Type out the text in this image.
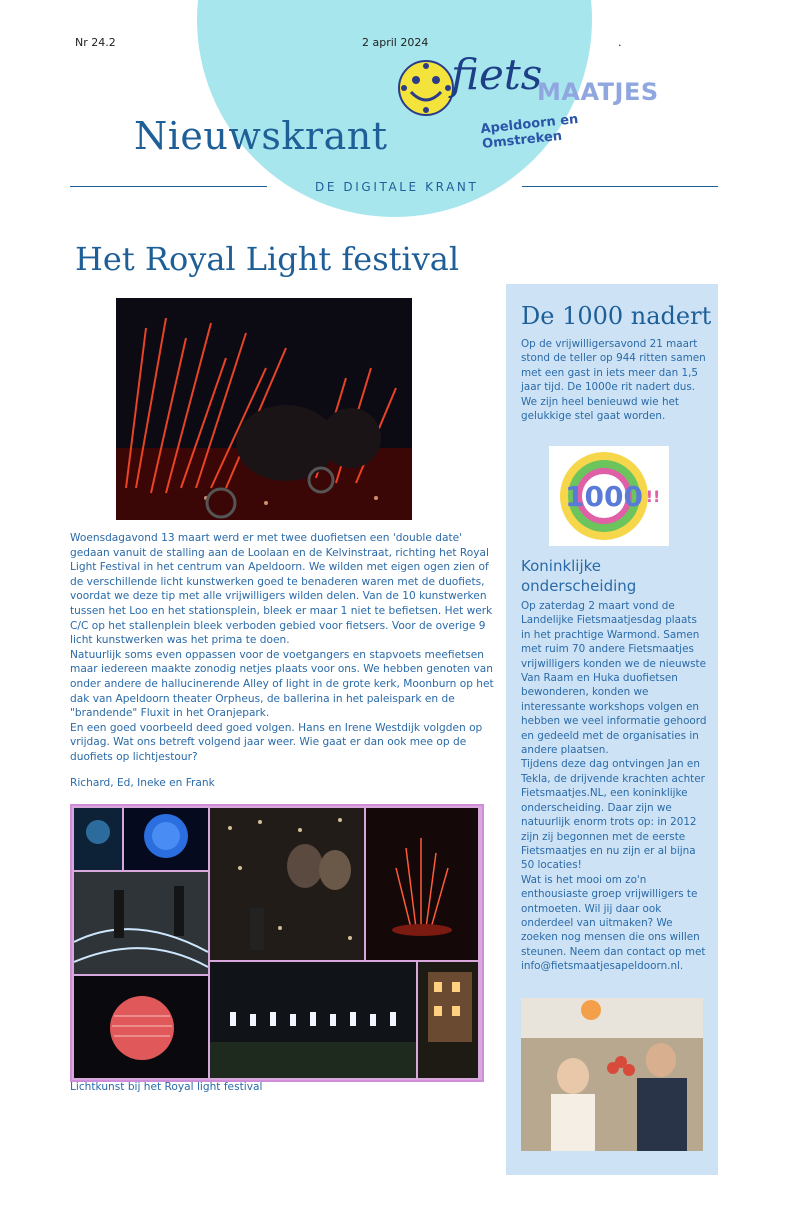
Nr 24.2	2 april 2024	.
fiets
MAATJES
Apeldoorn en Omstreken
Nieuwskrant
DE DIGITALE KRANT
Het Royal Light festival

Woensdagavond 13 maart werd er met twee duofietsen een 'double date' gedaan vanuit de stalling aan de Loolaan en de Kelvinstraat, richting het Royal Light Festival in het centrum van Apeldoorn. We wilden met eigen ogen zien of de verschillende licht kunstwerken goed te benaderen waren met de duofiets, voordat we deze tip met alle vrijwilligers wilden delen. Van de 10 kunstwerken tussen het Loo en het stationsplein, bleek er maar 1 niet te befietsen. Het werk C/C op het stallenplein bleek verboden gebied voor fietsers. Voor de overige 9 licht kunstwerken was het prima te doen.

Natuurlijk soms even oppassen voor de voetgangers en stapvoets meefietsen maar iedereen maakte zonodig netjes plaats voor ons. We hebben genoten van onder andere de hallucinerende Alley of light in de grote kerk, Moonburn op het dak van Apeldoorn theater Orpheus, de ballerina in het paleispark en de "brandende" Fluxit in het Oranjepark.

En een goed voorbeeld deed goed volgen. Hans en Irene Westdijk volgden op vrijdag. Wat ons betreft volgend jaar weer. Wie gaat er dan ook mee op de duofiets op lichtjestour?

Richard, Ed, Ineke en Frank
Lichtkunst bij het Royal light festival
De 1000 nadert

Op de vrijwilligersavond 21 maart stond de teller op 944 ritten samen met een gast in iets meer dan 1,5 jaar tijd. De 1000e rit nadert dus.

We zijn heel benieuwd wie het gelukkige stel gaat worden.

1000 !!
Koninklijke onderscheiding

Op zaterdag 2 maart vond de Landelijke Fietsmaatjesdag plaats in het prachtige Warmond. Samen met ruim 70 andere Fietsmaatjes vrijwilligers konden we de nieuwste Van Raam en Huka duofietsen bewonderen, konden we interessante workshops volgen en hebben we veel informatie gehoord en gedeeld met de organisaties in andere plaatsen.

Tijdens deze dag ontvingen Jan en Tekla, de drijvende krachten achter Fietsmaatjes.NL, een koninklijke onderscheiding. Daar zijn we natuurlijk enorm trots op: in 2012 zijn zij begonnen met de eerste Fietsmaatjes en nu zijn er al bijna 50 locaties!

Wat is het mooi om zo'n enthousiaste groep vrijwilligers te ontmoeten. Wil jij daar ook onderdeel van uitmaken? We zoeken nog mensen die ons willen steunen. Neem dan contact op met info@fietsmaatjesapeldoorn.nl.
